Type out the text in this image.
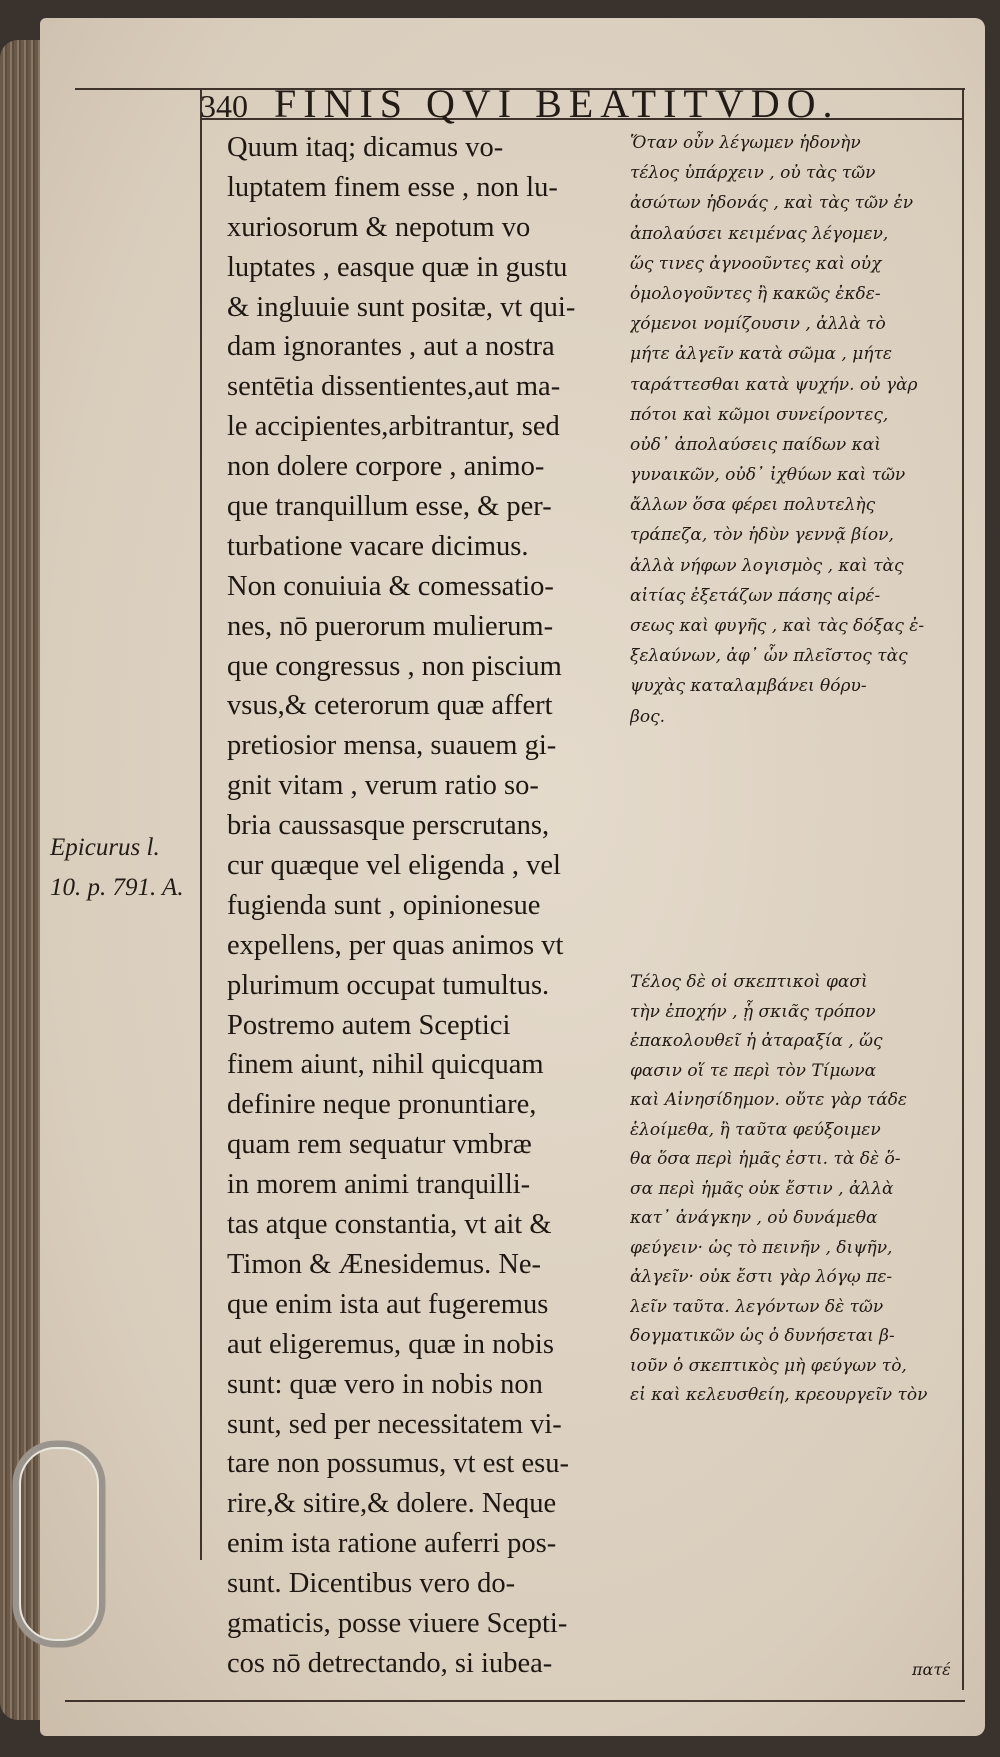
340 FINIS QVI BEATITVDO.
Quum itaq; dicamus vo-
luptatem finem esse , non lu-
xuriosorum & nepotum vo
luptates , easque quæ in gustu
& ingluuie sunt positæ, vt qui-
dam ignorantes , aut a nostra
sentētia dissentientes,aut ma-
le accipientes,arbitrantur, sed
non dolere corpore , animo-
que tranquillum esse, & per-
turbatione vacare dicimus.
Non conuiuia & comessatio-
nes, nō puerorum mulierum-
que congressus , non piscium
vsus,& ceterorum quæ affert
pretiosior mensa, suauem gi-
gnit vitam , verum ratio so-
bria caussasque perscrutans,
cur quæque vel eligenda , vel
fugienda sunt , opinionesue
expellens, per quas animos vt
plurimum occupat tumultus.
Postremo autem Sceptici
finem aiunt, nihil quicquam
definire neque pronuntiare,
quam rem sequatur vmbræ
in morem animi tranquilli-
tas atque constantia, vt ait &
Timon & Ænesidemus. Ne-
que enim ista aut fugeremus
aut eligeremus, quæ in nobis
sunt: quæ vero in nobis non
sunt, sed per necessitatem vi-
tare non possumus, vt est esu-
rire,& sitire,& dolere. Neque
enim ista ratione auferri pos-
sunt. Dicentibus vero do-
gmaticis, posse viuere Scepti-
cos nō detrectando, si iubea-
Epicurus l.
10. p. 791. A.
Ὅταν οὖν λέγωμεν ἡδονὴν
τέλος ὑπάρχειν , οὐ τὰς τῶν
ἀσώτων ἡδονάς , καὶ τὰς τῶν ἐν
ἀπολαύσει κειμένας λέγομεν,
ὥς τινες ἀγνοοῦντες καὶ οὐχ
ὁμολογοῦντες ἢ κακῶς ἐκδε-
χόμενοι νομίζουσιν , ἀλλὰ τὸ
μήτε ἀλγεῖν κατὰ σῶμα , μήτε
ταράττεσθαι κατὰ ψυχήν. οὐ γὰρ
πότοι καὶ κῶμοι συνείροντες,
οὐδ᾽ ἀπολαύσεις παίδων καὶ
γυναικῶν, οὐδ᾽ ἰχθύων καὶ τῶν
ἄλλων ὅσα φέρει πολυτελὴς
τράπεζα, τὸν ἡδὺν γεννᾷ βίον,
ἀλλὰ νήφων λογισμὸς , καὶ τὰς
αἰτίας ἐξετάζων πάσης αἱρέ-
σεως καὶ φυγῆς , καὶ τὰς δόξας ἐ-
ξελαύνων, ἀφ᾽ ὧν πλεῖστος τὰς
ψυχὰς καταλαμβάνει θόρυ-
βος.
Τέλος δὲ οἱ σκεπτικοὶ φασὶ
τὴν ἐποχήν , ᾗ σκιᾶς τρόπον
ἐπακολουθεῖ ἡ ἀταραξία , ὥς
φασιν οἵ τε περὶ τὸν Τίμωνα
καὶ Αἰνησίδημον. οὔτε γὰρ τάδε
ἑλοίμεθα, ἢ ταῦτα φεύξοιμεν
θα ὅσα περὶ ἡμᾶς ἐστι. τὰ δὲ ὅ-
σα περὶ ἡμᾶς οὐκ ἔστιν , ἀλλὰ
κατ᾽ ἀνάγκην , οὐ δυνάμεθα
φεύγειν· ὡς τὸ πεινῆν , διψῆν,
ἀλγεῖν· οὐκ ἔστι γὰρ λόγῳ πε-
λεῖν ταῦτα. λεγόντων δὲ τῶν
δογματικῶν ὡς ὁ δυνήσεται β-
ιοῦν ὁ σκεπτικὸς μὴ φεύγων τὸ,
εἰ καὶ κελευσθείη, κρεουργεῖν τὸν
πατέ
